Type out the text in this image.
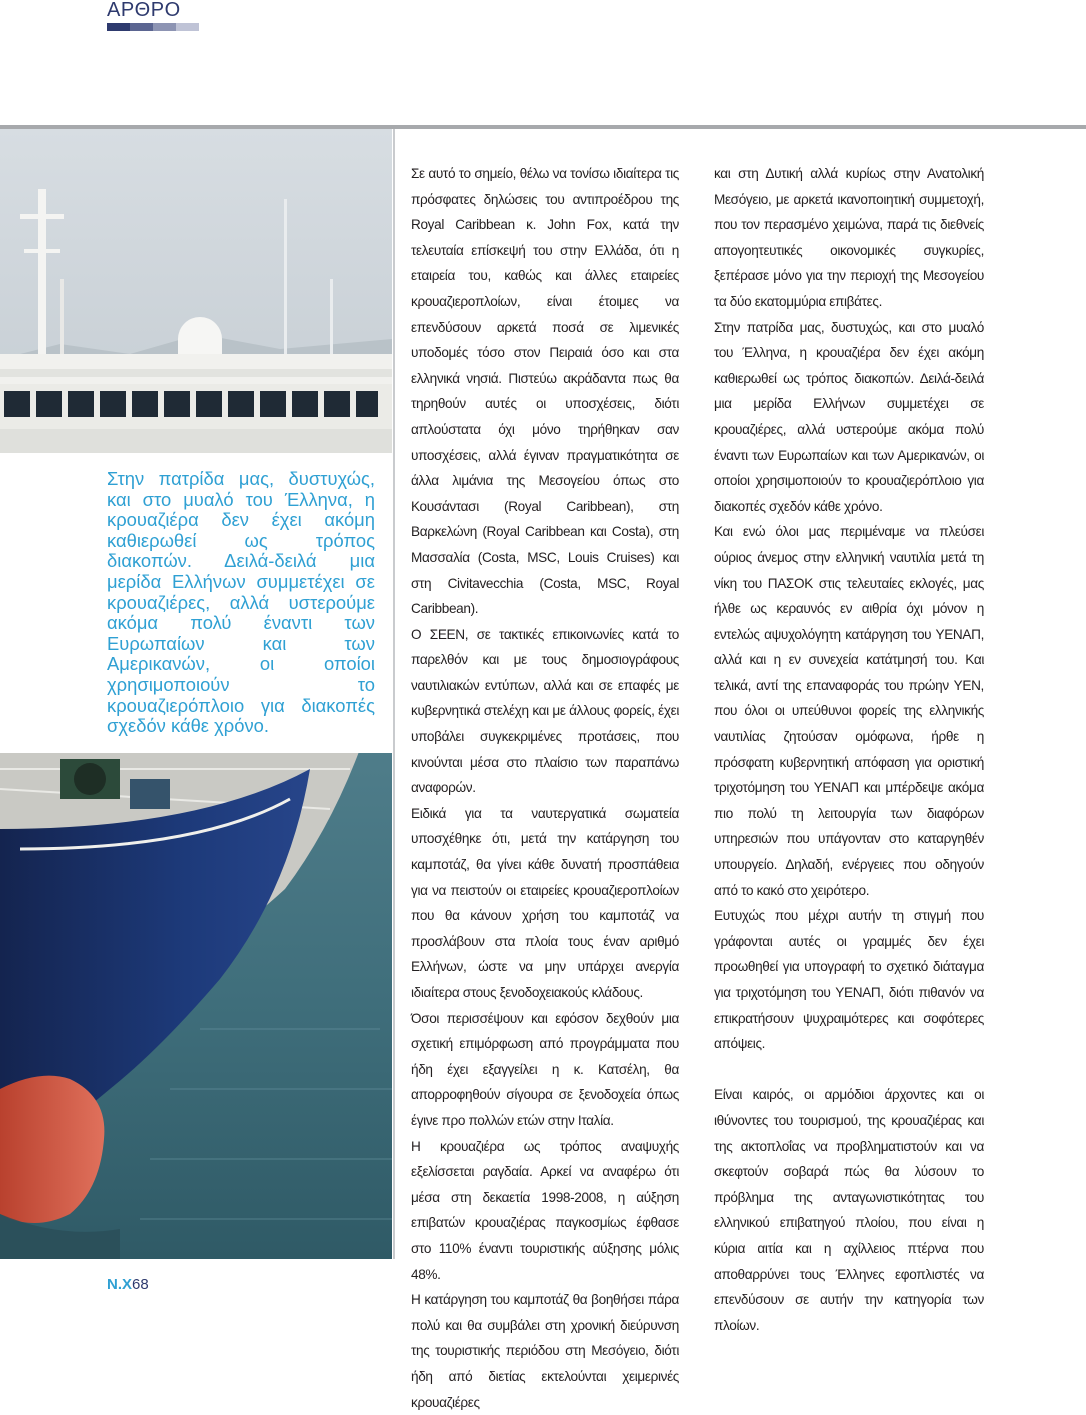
ΑΡΘΡΟ

Στην πατρίδα μας, δυστυχώς, και στο μυαλό του Έλληνα, η κρουαζιέρα δεν έχει ακόμη καθιερωθεί ως τρόπος διακοπών. Δειλά-δειλά μια μερίδα Ελλήνων συμμετέχει σε κρουαζιέρες, αλλά υστερούμε ακόμα πολύ έναντι των Ευρωπαίων και των Αμερικανών, οι οποίοι χρησιμοποιούν το κρουαζιερόπλοιο για διακοπές σχεδόν κάθε χρόνο.

Σε αυτό το σημείο, θέλω να τονίσω ιδιαίτερα τις πρόσφατες δηλώσεις του αντιπροέδρου της Royal Caribbean κ. John Fox, κατά την τελευταία επίσκεψή του στην Ελλάδα, ότι η εταιρεία του, καθώς και άλλες εταιρείες κρουαζιερoπλοίων, είναι έτοιμες να επενδύσουν αρκετά ποσά σε λιμενικές υποδομές τόσο στον Πειραιά όσο και στα ελληνικά νησιά. Πιστεύω ακράδαντα πως θα τηρηθούν αυτές οι υποσχέσεις, διότι απλούστατα όχι μόνο τηρήθηκαν σαν υποσχέσεις, αλλά έγιναν πραγματικότητα σε άλλα λιμάνια της Μεσογείου όπως στο Κουσάντασι (Royal Caribbean), στη Βαρκελώνη (Royal Caribbean και Costa), στη Μασσαλία (Costa, MSC, Louis Cruises) και στη Civitavecchia (Costa, MSC, Royal Caribbean).

Ο ΣΕΕΝ, σε τακτικές επικοινωνίες κατά το παρελθόν και με τους δημοσιογράφους ναυτιλιακών εντύπων, αλλά και σε επαφές με κυβερνητικά στελέχη και με άλλους φορείς, έχει υποβάλει συγκεκριμένες προτάσεις, που κινούνται μέσα στο πλαίσιο των παραπάνω αναφορών.

Ειδικά για τα ναυτεργατικά σωματεία υποσχέθηκε ότι, μετά την κατάργηση του καμποτάζ, θα γίνει κάθε δυνατή προσπάθεια για να πειστούν οι εταιρείες κρουαζιερoπλοίων που θα κάνουν χρήση του καμποτάζ να προσλάβουν στα πλοία τους έναν αριθμό Ελλήνων, ώστε να μην υπάρχει ανεργία ιδιαίτερα στους ξενοδοχειακούς κλάδους.

Όσοι περισσέψουν και εφόσον δεχθούν μια σχετική επιμόρφωση από προγράμματα που ήδη έχει εξαγγείλει η κ. Κατσέλη, θα απορροφηθούν σίγουρα σε ξενοδοχεία όπως έγινε προ πολλών ετών στην Ιταλία.

Η κρουαζιέρα ως τρόπος αναψυχής εξελίσσεται ραγδαία. Αρκεί να αναφέρω ότι μέσα στη δεκαετία 1998-2008, η αύξηση επιβατών κρουαζιέρας παγκοσμίως έφθασε στο 110% έναντι τουριστικής αύξησης μόλις 48%.

Η κατάργηση του καμποτάζ θα βοηθήσει πάρα πολύ και θα συμβάλει στη χρονική διεύρυνση της τουριστικής περιόδου στη Μεσόγειο, διότι ήδη από διετίας εκτελούνται χειμερινές κρουαζιέρες

και στη Δυτική αλλά κυρίως στην Ανατολική Μεσόγειο, με αρκετά ικανοποιητική συμμετοχή, που τον περασμένο χειμώνα, παρά τις διεθνείς απογοητευτικές οικονομικές συγκυρίες, ξεπέρασε μόνο για την περιοχή της Μεσογείου τα δύο εκατομμύρια επιβάτες.

Στην πατρίδα μας, δυστυχώς, και στο μυαλό του Έλληνα, η κρουαζιέρα δεν έχει ακόμη καθιερωθεί ως τρόπος διακοπών. Δειλά-δειλά μια μερίδα Ελλήνων συμμετέχει σε κρουαζιέρες, αλλά υστερούμε ακόμα πολύ έναντι των Ευρωπαίων και των Αμερικανών, οι οποίοι χρησιμοποιούν το κρουαζιερόπλοιο για διακοπές σχεδόν κάθε χρόνο.

Και ενώ όλοι μας περιμέναμε να πλεύσει ούριος άνεμος στην ελληνική ναυτιλία μετά τη νίκη του ΠΑΣΟΚ στις τελευταίες εκλογές, μας ήλθε ως κεραυνός εν αιθρία όχι μόνον η εντελώς αψυχολόγητη κατάργηση του ΥΕΝΑΠ, αλλά και η εν συνεχεία κατάτμησή του. Και τελικά, αντί της επαναφοράς του πρώην ΥΕΝ, που όλοι οι υπεύθυνοι φορείς της ελληνικής ναυτιλίας ζητούσαν ομόφωνα, ήρθε η πρόσφατη κυβερνητική απόφαση για οριστική τριχοτόμηση του ΥΕΝΑΠ και μπέρδεψε ακόμα πιο πολύ τη λειτουργία των διαφόρων υπηρεσιών που υπάγονταν στο καταργηθέν υπουργείο. Δηλαδή, ενέργειες που οδηγούν από το κακό στο χειρότερο.

Ευτυχώς που μέχρι αυτήν τη στιγμή που γράφονται αυτές οι γραμμές δεν έχει προωθηθεί για υπογραφή το σχετικό διάταγμα για τριχοτόμηση του ΥΕΝΑΠ, διότι πιθανόν να επικρατήσουν ψυχραιμότερες και σοφότερες απόψεις.

Είναι καιρός, οι αρμόδιοι άρχοντες και οι ιθύνοντες του τουρισμού, της κρουαζιέρας και της ακτοπλοΐας να προβληματιστούν και να σκεφτούν σοβαρά πώς θα λύσουν το πρόβλημα της ανταγωνιστικότητας του ελληνικού επιβατηγού πλοίου, που είναι η κύρια αιτία και η αχίλλειος πτέρνα που αποθαρρύνει τους Έλληνες εφοπλιστές να επενδύσουν σε αυτήν την κατηγορία των πλοίων.

Ν.Χ68
